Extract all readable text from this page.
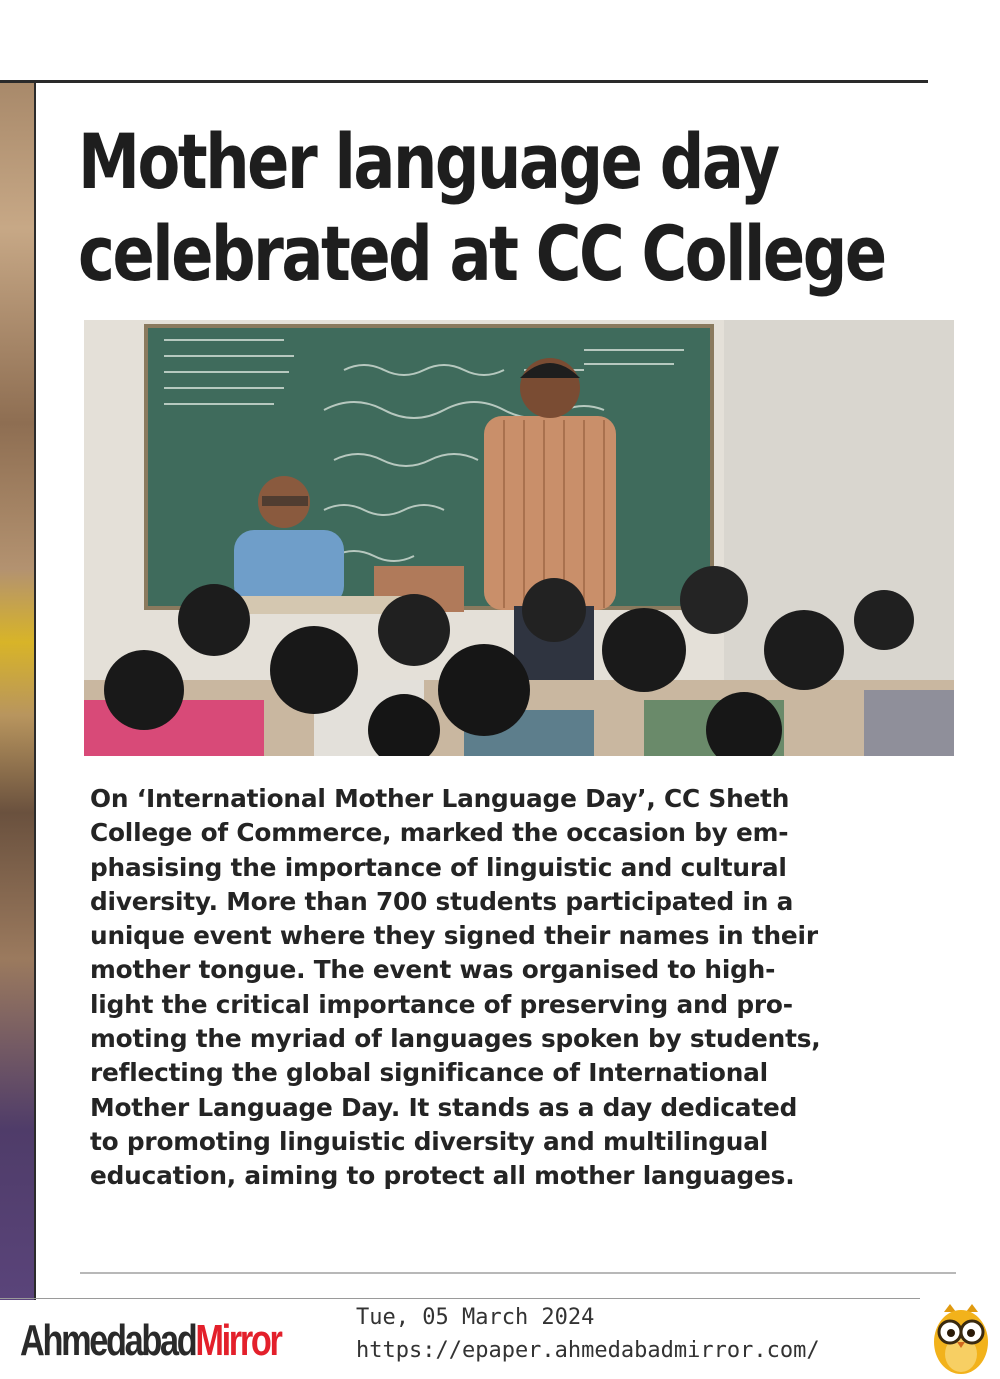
Mother language day
celebrated at CC College

On ‘International Mother Language Day’, CC Sheth
College of Commerce, marked the occasion by em-
phasising the importance of linguistic and cultural
diversity. More than 700 students participated in a
unique event where they signed their names in their
mother tongue. The event was organised to high-
light the critical importance of preserving and pro-
moting the myriad of languages spoken by students,
reflecting the global significance of International
Mother Language Day. It stands as a day dedicated
to promoting linguistic diversity and multilingual
education, aiming to protect all mother languages.

AhmedabadMirror	Tue, 05 March 2024
https://epaper.ahmedabadmirror.com/
